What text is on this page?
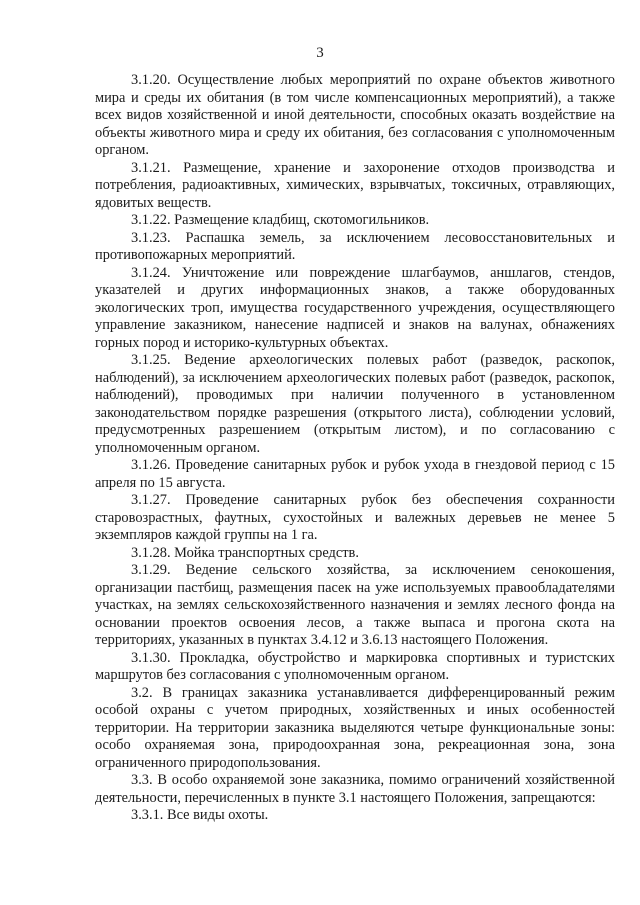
3

3.1.20. Осуществление любых мероприятий по охране объектов животного мира и среды их обитания (в том числе компенсационных мероприятий), а также всех видов хозяйственной и иной деятельности, способных оказать воздействие на объекты животного мира и среду их обитания, без согласования с уполномоченным органом.

3.1.21. Размещение, хранение и захоронение отходов производства и потребления, радиоактивных, химических, взрывчатых, токсичных, отравляющих, ядовитых веществ.

3.1.22. Размещение кладбищ, скотомогильников.

3.1.23. Распашка земель, за исключением лесовосстановительных и противопожарных мероприятий.

3.1.24. Уничтожение или повреждение шлагбаумов, аншлагов, стендов, указателей и других информационных знаков, а также оборудованных экологических троп, имущества государственного учреждения, осуществляющего управление заказником, нанесение надписей и знаков на валунах, обнажениях горных пород и историко-культурных объектах.

3.1.25. Ведение археологических полевых работ (разведок, раскопок, наблюдений), за исключением археологических полевых работ (разведок, раскопок, наблюдений), проводимых при наличии полученного в установленном законодательством порядке разрешения (открытого листа), соблюдении условий, предусмотренных разрешением (открытым листом), и по согласованию с уполномоченным органом.

3.1.26. Проведение санитарных рубок и рубок ухода в гнездовой период с 15 апреля по 15 августа.

3.1.27. Проведение санитарных рубок без обеспечения сохранности старовозрастных, фаутных, сухостойных и валежных деревьев не менее 5 экземпляров каждой группы на 1 га.

3.1.28. Мойка транспортных средств.

3.1.29. Ведение сельского хозяйства, за исключением сенокошения, организации пастбищ, размещения пасек на уже используемых правообладателями участках, на землях сельскохозяйственного назначения и землях лесного фонда на основании проектов освоения лесов, а также выпаса и прогона скота на территориях, указанных в пунктах 3.4.12 и 3.6.13 настоящего Положения.

3.1.30. Прокладка, обустройство и маркировка спортивных и туристских маршрутов без согласования с уполномоченным органом.

3.2. В границах заказника устанавливается дифференцированный режим особой охраны с учетом природных, хозяйственных и иных особенностей территории. На территории заказника выделяются четыре функциональные зоны: особо охраняемая зона, природоохранная зона, рекреационная зона, зона ограниченного природопользования.

3.3. В особо охраняемой зоне заказника, помимо ограничений хозяйственной деятельности, перечисленных в пункте 3.1 настоящего Положения, запрещаются:

3.3.1. Все виды охоты.
